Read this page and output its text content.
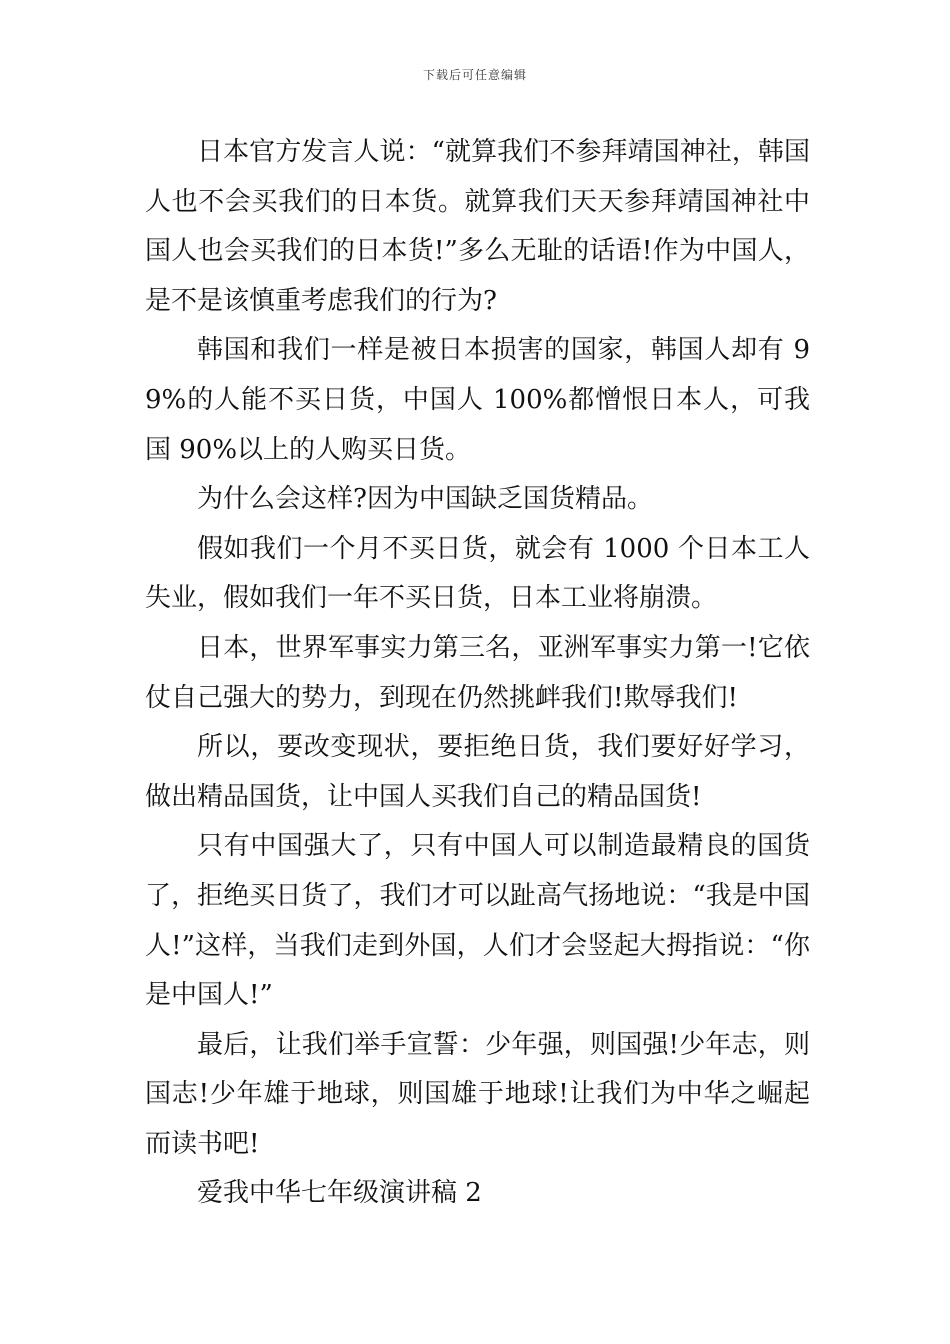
下载后可任意编辑

日本官方发言人说：“就算我们不参拜靖国神社，韩国人也不会买我们的日本货。就算我们天天参拜靖国神社中国人也会买我们的日本货!”多么无耻的话语!作为中国人，是不是该慎重考虑我们的行为?

韩国和我们一样是被日本损害的国家，韩国人却有 99%的人能不买日货，中国人 100%都憎恨日本人，可我国 90%以上的人购买日货。

为什么会这样?因为中国缺乏国货精品。

假如我们一个月不买日货，就会有 1000 个日本工人失业，假如我们一年不买日货，日本工业将崩溃。

日本，世界军事实力第三名，亚洲军事实力第一!它依仗自己强大的势力，到现在仍然挑衅我们!欺辱我们!

所以，要改变现状，要拒绝日货，我们要好好学习，做出精品国货，让中国人买我们自己的精品国货!

只有中国强大了，只有中国人可以制造最精良的国货了，拒绝买日货了，我们才可以趾高气扬地说：“我是中国人!”这样，当我们走到外国，人们才会竖起大拇指说：“你是中国人!”

最后，让我们举手宣誓：少年强，则国强!少年志，则国志!少年雄于地球，则国雄于地球!让我们为中华之崛起而读书吧!

爱我中华七年级演讲稿 2
